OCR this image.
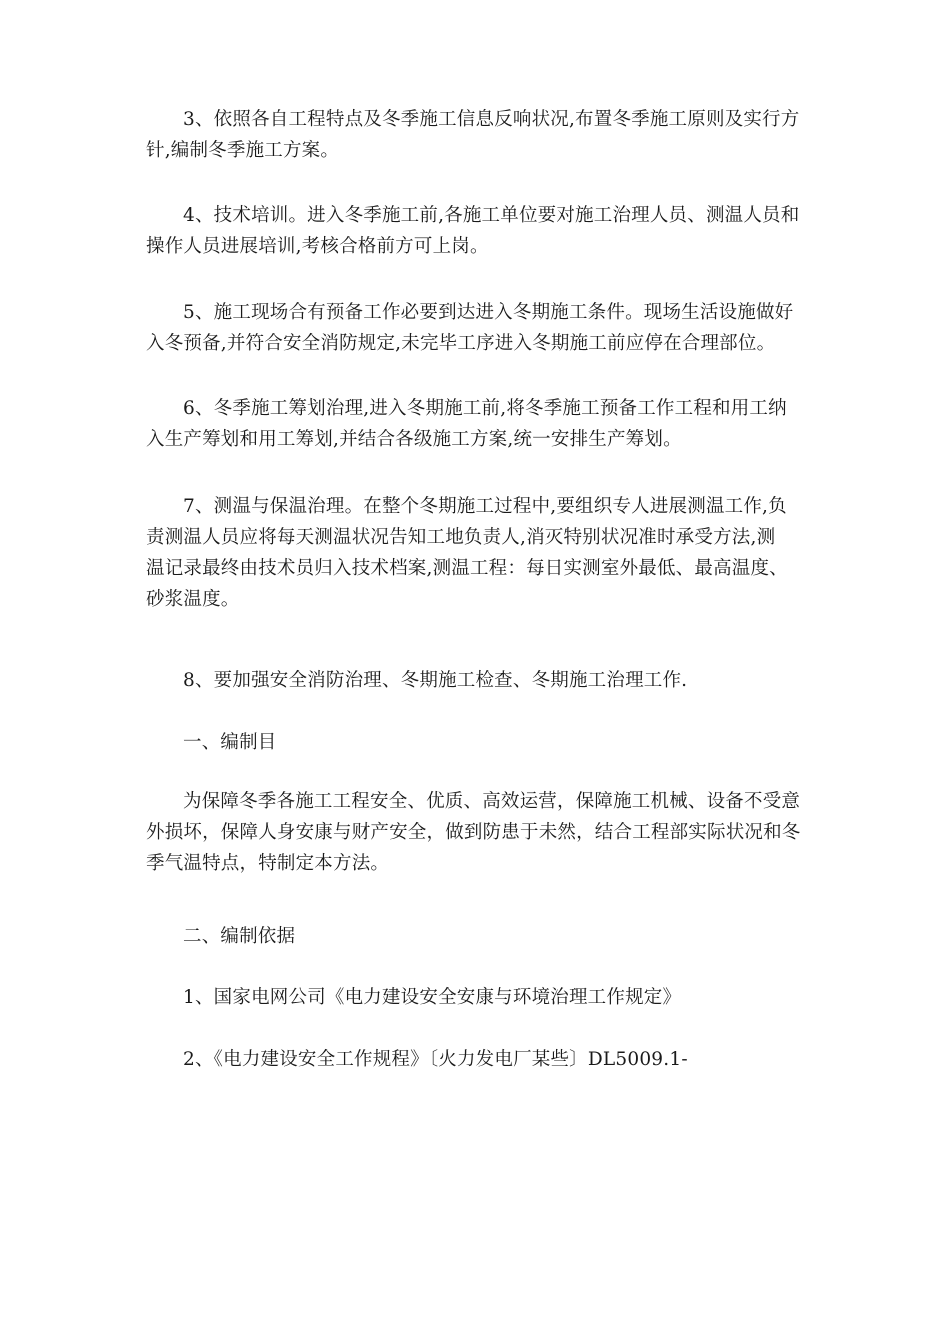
3、依照各自工程特点及冬季施工信息反响状况,布置冬季施工原则及实行方
针,编制冬季施工方案。

4、技术培训。进入冬季施工前,各施工单位要对施工治理人员、测温人员和
操作人员进展培训,考核合格前方可上岗。

5、施工现场合有预备工作必要到达进入冬期施工条件。现场生活设施做好
入冬预备,并符合安全消防规定,未完毕工序进入冬期施工前应停在合理部位。

6、冬季施工筹划治理,进入冬期施工前,将冬季施工预备工作工程和用工纳
入生产筹划和用工筹划,并结合各级施工方案,统一安排生产筹划。

7、测温与保温治理。在整个冬期施工过程中,要组织专人进展测温工作,负
责测温人员应将每天测温状况告知工地负责人,消灭特别状况准时承受方法,测
温记录最终由技术员归入技术档案,测温工程：每日实测室外最低、最高温度、
砂浆温度。

8、要加强安全消防治理、冬期施工检查、冬期施工治理工作.

一、编制目

为保障冬季各施工工程安全、优质、高效运营，保障施工机械、设备不受意
外损坏，保障人身安康与财产安全，做到防患于未然，结合工程部实际状况和冬
季气温特点，特制定本方法。

二、编制依据

1、国家电网公司《电力建设安全安康与环境治理工作规定》

2、《电力建设安全工作规程》〔火力发电厂某些〕DL5009.1-
